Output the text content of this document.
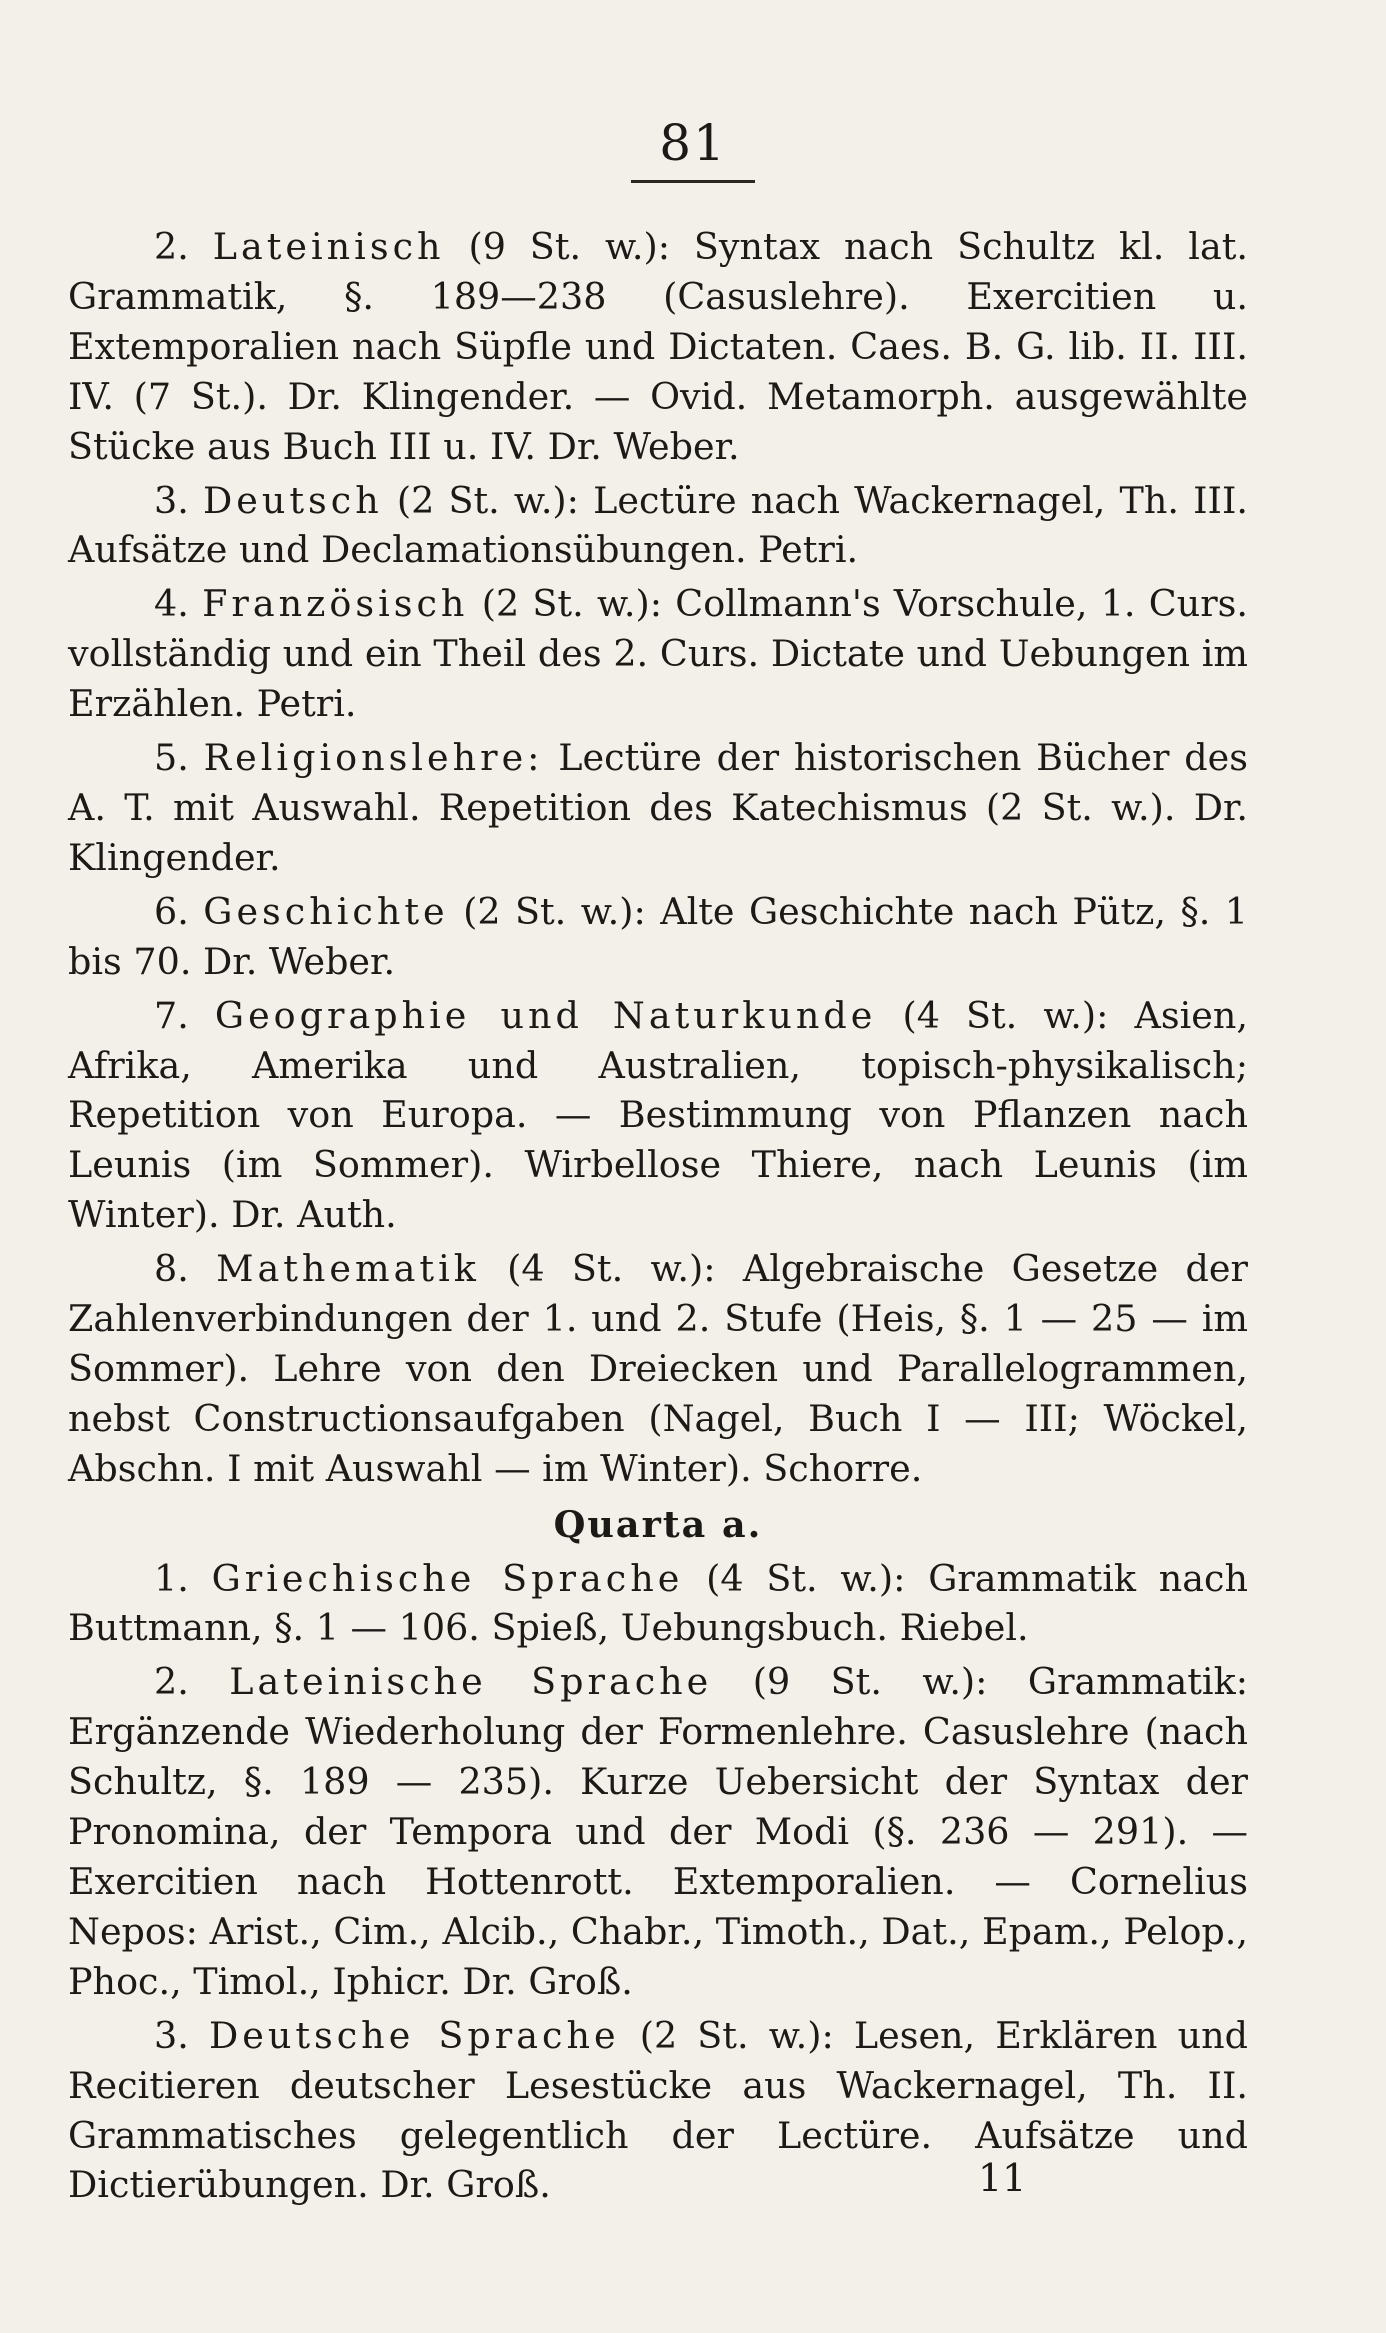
81

2. Lateinisch (9 St. w.): Syntax nach Schultz kl. lat. Grammatik, §. 189—238 (Casuslehre). Exercitien u. Extemporalien nach Süpfle und Dictaten. Caes. B. G. lib. II. III. IV. (7 St.). Dr. Klingender. — Ovid. Metamorph. ausgewählte Stücke aus Buch III u. IV. Dr. Weber.

3. Deutsch (2 St. w.): Lectüre nach Wackernagel, Th. III. Aufsätze und Declamationsübungen. Petri.

4. Französisch (2 St. w.): Collmann's Vorschule, 1. Curs. vollständig und ein Theil des 2. Curs. Dictate und Uebungen im Erzählen. Petri.

5. Religionslehre: Lectüre der historischen Bücher des A. T. mit Auswahl. Repetition des Katechismus (2 St. w.). Dr. Klingender.

6. Geschichte (2 St. w.): Alte Geschichte nach Pütz, §. 1 bis 70. Dr. Weber.

7. Geographie und Naturkunde (4 St. w.): Asien, Afrika, Amerika und Australien, topisch-physikalisch; Repetition von Europa. — Bestimmung von Pflanzen nach Leunis (im Sommer). Wirbellose Thiere, nach Leunis (im Winter). Dr. Auth.

8. Mathematik (4 St. w.): Algebraische Gesetze der Zahlenverbindungen der 1. und 2. Stufe (Heis, §. 1 — 25 — im Sommer). Lehre von den Dreiecken und Parallelogrammen, nebst Constructionsaufgaben (Nagel, Buch I — III; Wöckel, Abschn. I mit Auswahl — im Winter). Schorre.

Quarta a.

1. Griechische Sprache (4 St. w.): Grammatik nach Buttmann, §. 1 — 106. Spieß, Uebungsbuch. Riebel.

2. Lateinische Sprache (9 St. w.): Grammatik: Ergänzende Wiederholung der Formenlehre. Casuslehre (nach Schultz, §. 189 — 235). Kurze Uebersicht der Syntax der Pronomina, der Tempora und der Modi (§. 236 — 291). — Exercitien nach Hottenrott. Extemporalien. — Cornelius Nepos: Arist., Cim., Alcib., Chabr., Timoth., Dat., Epam., Pelop., Phoc., Timol., Iphicr. Dr. Groß.

3. Deutsche Sprache (2 St. w.): Lesen, Erklären und Recitieren deutscher Lesestücke aus Wackernagel, Th. II. Grammatisches gelegentlich der Lectüre. Aufsätze und Dictierübungen. Dr. Groß.	11
